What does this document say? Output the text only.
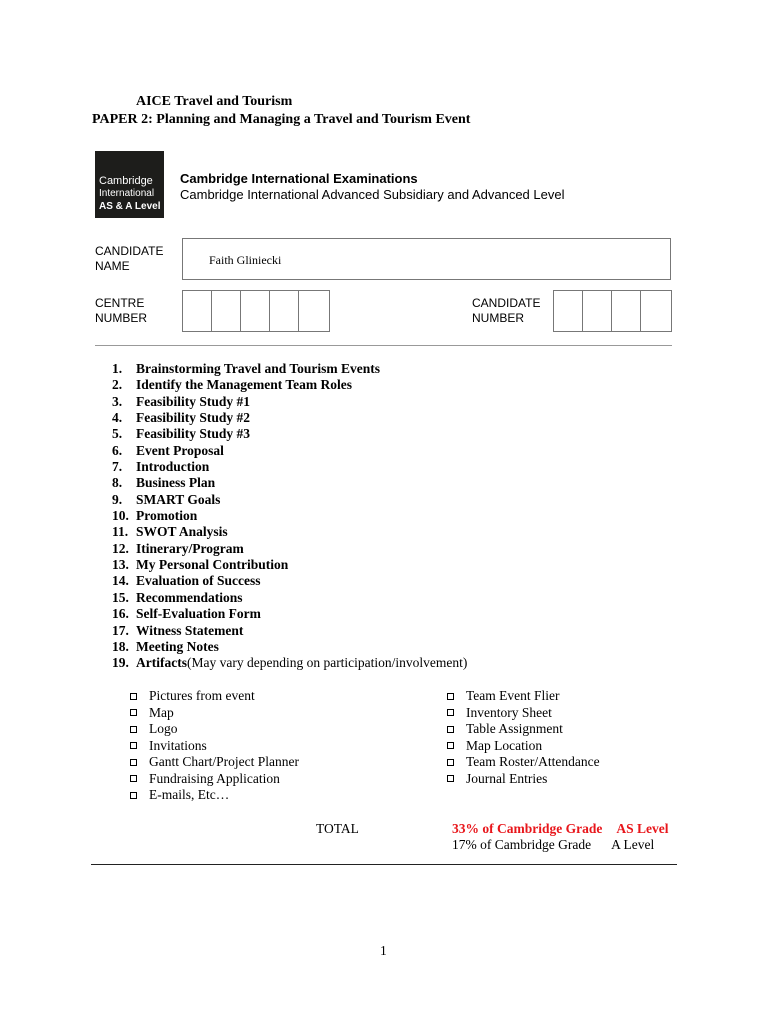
AICE Travel and Tourism
PAPER 2: Planning and Managing a Travel and Tourism Event
Cambridge
International
AS & A Level
Cambridge International Examinations
Cambridge International Advanced Subsidiary and Advanced Level
CANDIDATE
NAME	Faith Gliniecki
CENTRE
NUMBER
CANDIDATE
NUMBER
1.	Brainstorming Travel and Tourism Events
2.	Identify the Management Team Roles
3.	Feasibility Study #1
4.	Feasibility Study #2
5.	Feasibility Study #3
6.	Event Proposal
7.	Introduction
8.	Business Plan
9.	SMART Goals
10. Promotion
11. SWOT Analysis
12. Itinerary/Program
13. My Personal Contribution
14. Evaluation of Success
15. Recommendations
16. Self-Evaluation Form
17. Witness Statement
18. Meeting Notes
19. Artifacts (May vary depending on participation/involvement)
Pictures from event
Map
Logo
Invitations
Gantt Chart/Project Planner
Fundraising Application
E-mails, Etc…
Team Event Flier
Inventory Sheet
Table Assignment
Map Location
Team Roster/Attendance
Journal Entries
TOTAL	33% of Cambridge Grade AS Level
17% of Cambridge Grade A Level
1
